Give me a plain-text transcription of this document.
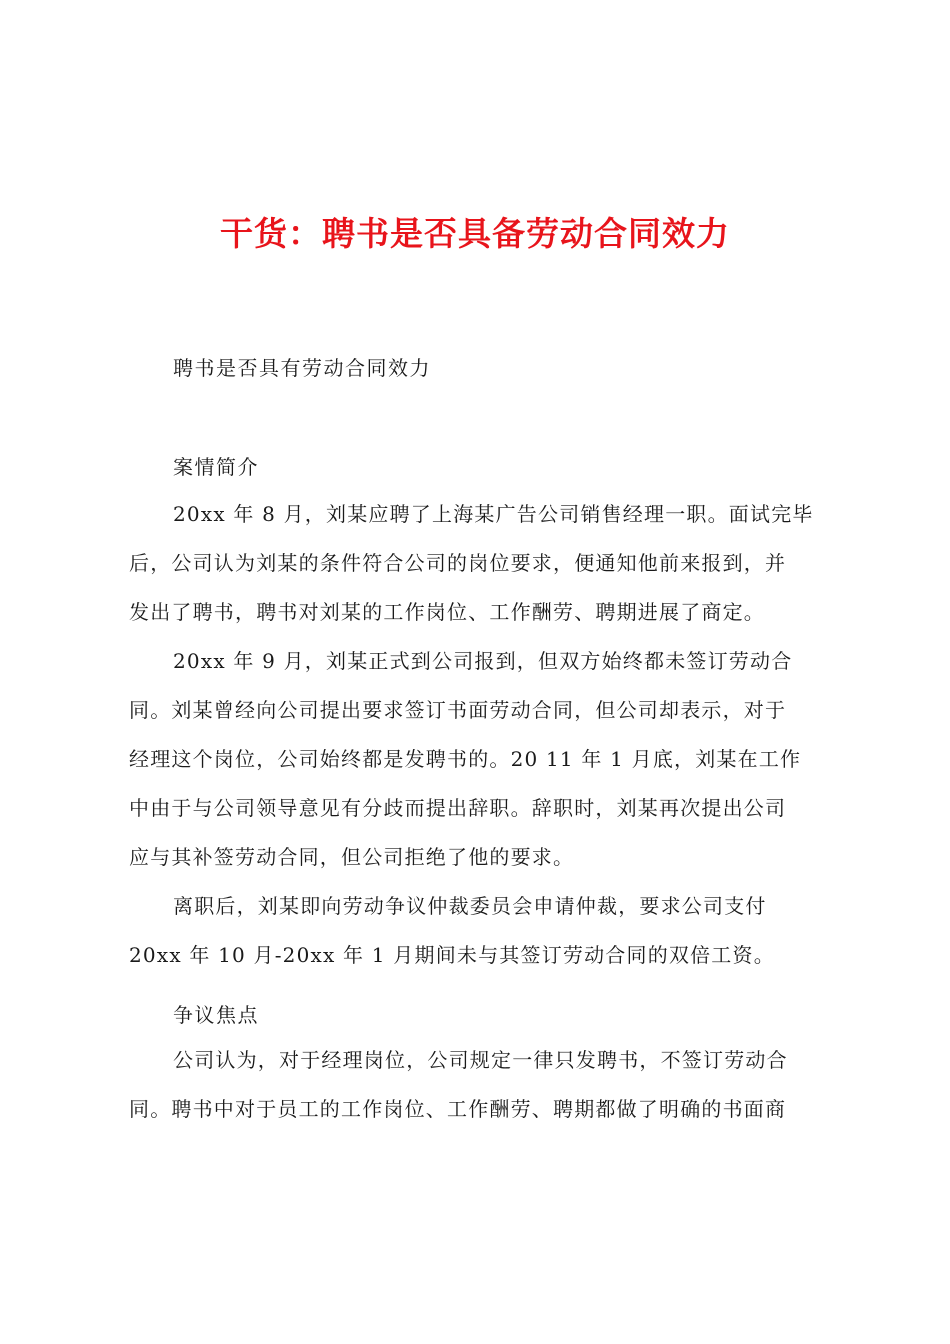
干货：聘书是否具备劳动合同效力
聘书是否具有劳动合同效力
案情简介
20xx 年 8 月，刘某应聘了上海某广告公司销售经理一职。面试完毕
后，公司认为刘某的条件符合公司的岗位要求，便通知他前来报到，并
发出了聘书，聘书对刘某的工作岗位、工作酬劳、聘期进展了商定。
20xx 年 9 月，刘某正式到公司报到，但双方始终都未签订劳动合
同。刘某曾经向公司提出要求签订书面劳动合同，但公司却表示，对于
经理这个岗位，公司始终都是发聘书的。20 11 年 1 月底，刘某在工作
中由于与公司领导意见有分歧而提出辞职。辞职时，刘某再次提出公司
应与其补签劳动合同，但公司拒绝了他的要求。
离职后，刘某即向劳动争议仲裁委员会申请仲裁，要求公司支付
20xx 年 10 月-20xx 年 1 月期间未与其签订劳动合同的双倍工资。
争议焦点
公司认为，对于经理岗位，公司规定一律只发聘书，不签订劳动合
同。聘书中对于员工的工作岗位、工作酬劳、聘期都做了明确的书面商
